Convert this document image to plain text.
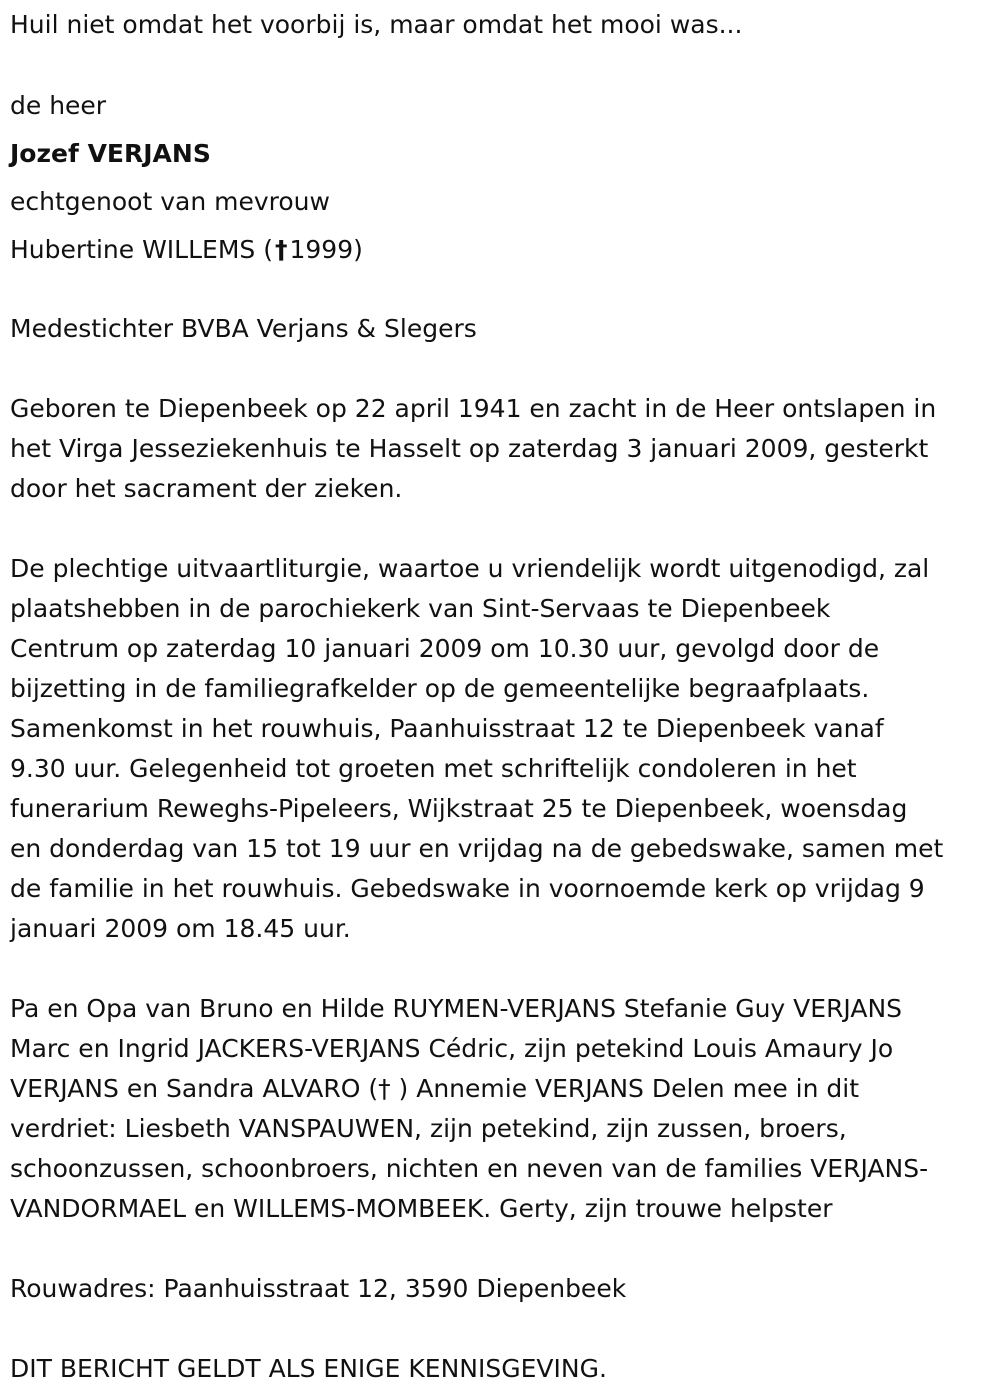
Huil niet omdat het voorbij is, maar omdat het mooi was...
de heer
Jozef VERJANS
echtgenoot van mevrouw
Hubertine WILLEMS (†1999)
Medestichter BVBA Verjans & Slegers
Geboren te Diepenbeek op 22 april 1941 en zacht in de Heer ontslapen in
het Virga Jesseziekenhuis te Hasselt op zaterdag 3 januari 2009, gesterkt
door het sacrament der zieken.
De plechtige uitvaartliturgie, waartoe u vriendelijk wordt uitgenodigd, zal
plaatshebben in de parochiekerk van Sint-Servaas te Diepenbeek
Centrum op zaterdag 10 januari 2009 om 10.30 uur, gevolgd door de
bijzetting in de familiegrafkelder op de gemeentelijke begraafplaats.
Samenkomst in het rouwhuis, Paanhuisstraat 12 te Diepenbeek vanaf
9.30 uur. Gelegenheid tot groeten met schriftelijk condoleren in het
funerarium Reweghs-Pipeleers, Wijkstraat 25 te Diepenbeek, woensdag
en donderdag van 15 tot 19 uur en vrijdag na de gebedswake, samen met
de familie in het rouwhuis. Gebedswake in voornoemde kerk op vrijdag 9
januari 2009 om 18.45 uur.
Pa en Opa van Bruno en Hilde RUYMEN-VERJANS Stefanie Guy VERJANS
Marc en Ingrid JACKERS-VERJANS Cédric, zijn petekind Louis Amaury Jo
VERJANS en Sandra ALVARO († ) Annemie VERJANS Delen mee in dit
verdriet: Liesbeth VANSPAUWEN, zijn petekind, zijn zussen, broers,
schoonzussen, schoonbroers, nichten en neven van de families VERJANS-
VANDORMAEL en WILLEMS-MOMBEEK. Gerty, zijn trouwe helpster
Rouwadres: Paanhuisstraat 12, 3590 Diepenbeek
DIT BERICHT GELDT ALS ENIGE KENNISGEVING.
